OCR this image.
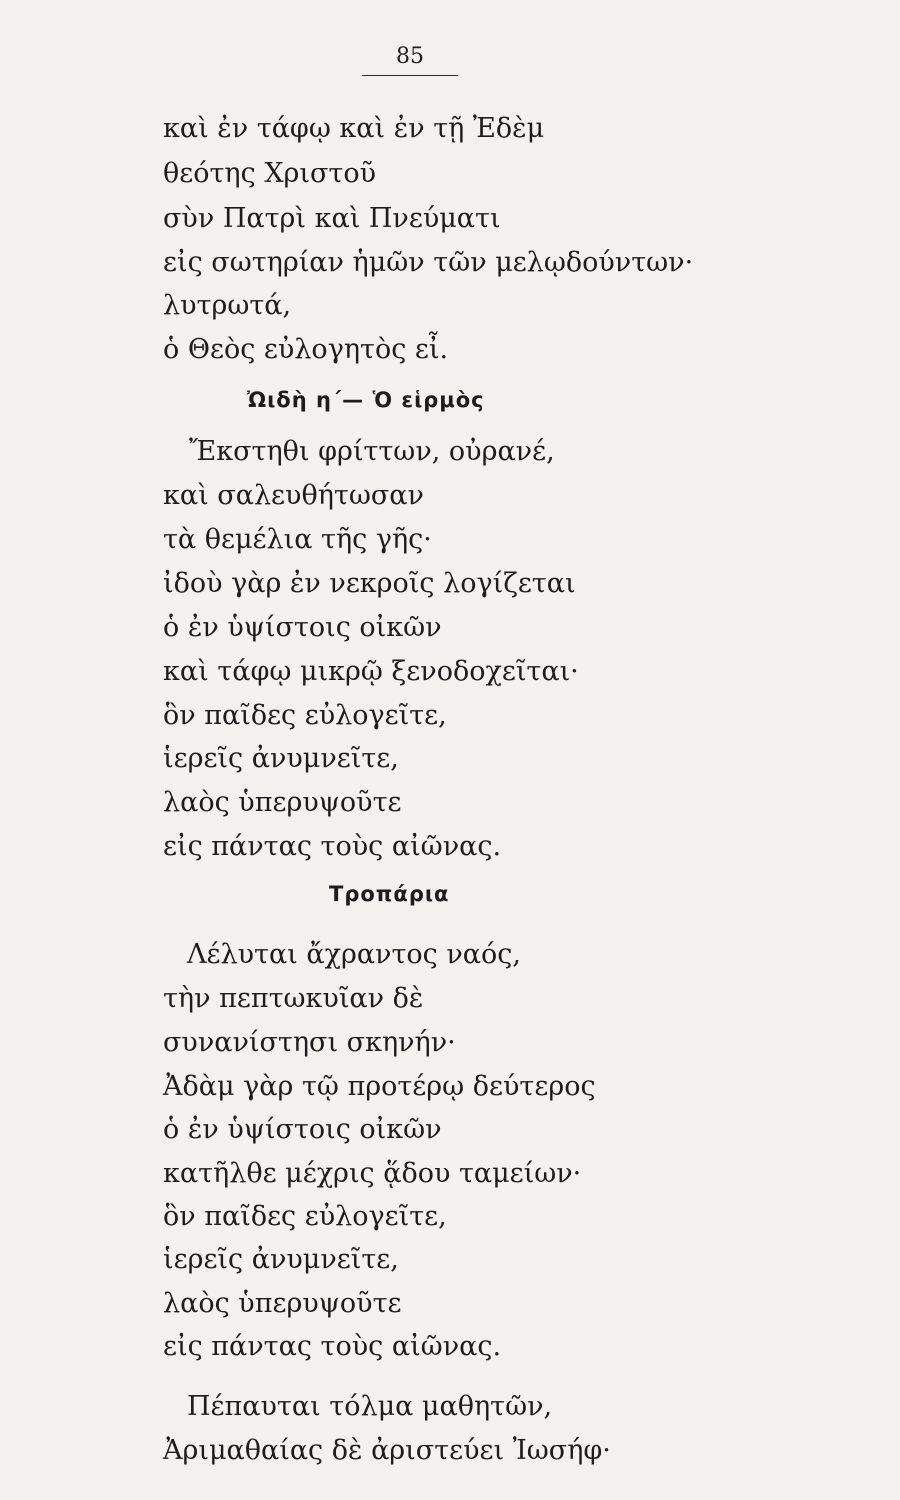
85
καὶ ἐν τάφῳ καὶ ἐν τῇ Ἐδὲμ
θεότης Χριστοῦ
σὺν Πατρὶ καὶ Πνεύματι
εἰς σωτηρίαν ἡμῶν τῶν μελῳδούντων·
λυτρωτά,
ὁ Θεὸς εὐλογητὸς εἶ.
Ὠιδὴ η΄— Ὁ εἱρμὸς
Ἔκστηθι φρίττων, οὐρανέ,
καὶ σαλευθήτωσαν
τὰ θεμέλια τῆς γῆς·
ἰδοὺ γὰρ ἐν νεκροῖς λογίζεται
ὁ ἐν ὑψίστοις οἰκῶν
καὶ τάφῳ μικρῷ ξενοδοχεῖται·
ὃν παῖδες εὐλογεῖτε,
ἱερεῖς ἀνυμνεῖτε,
λαὸς ὑπερυψοῦτε
εἰς πάντας τοὺς αἰῶνας.
Τροπάρια
Λέλυται ἄχραντος ναός,
τὴν πεπτωκυῖαν δὲ
συνανίστησι σκηνήν·
Ἀδὰμ γὰρ τῷ προτέρῳ δεύτερος
ὁ ἐν ὑψίστοις οἰκῶν
κατῆλθε μέχρις ᾅδου ταμείων·
ὃν παῖδες εὐλογεῖτε,
ἱερεῖς ἀνυμνεῖτε,
λαὸς ὑπερυψοῦτε
εἰς πάντας τοὺς αἰῶνας.
Πέπαυται τόλμα μαθητῶν,
Ἀριμαθαίας δὲ ἀριστεύει Ἰωσήφ·
